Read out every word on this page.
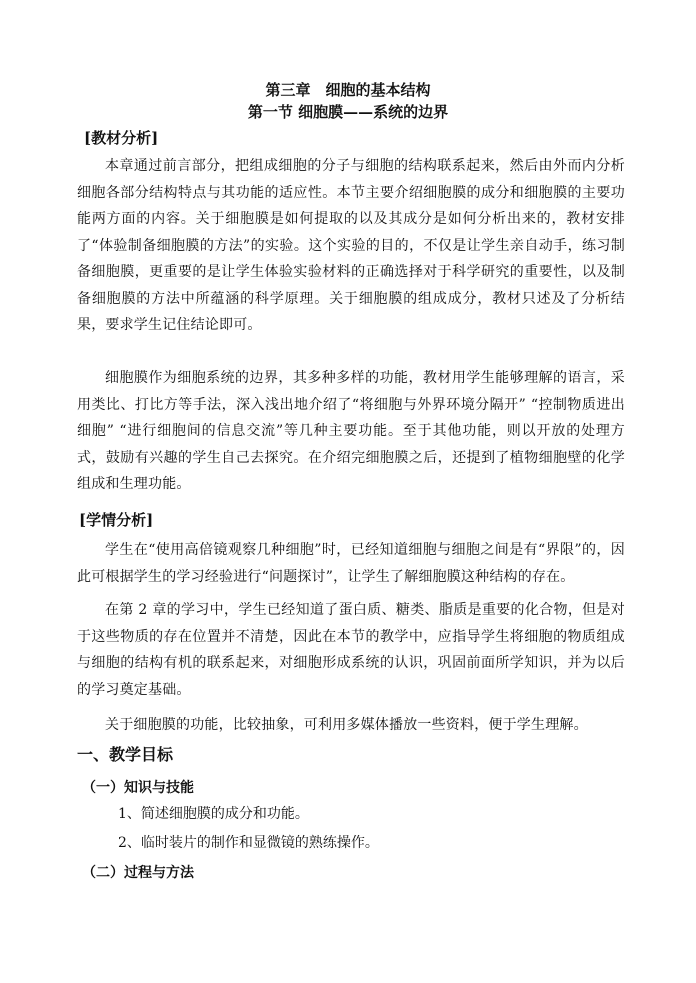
第三章　细胞的基本结构
第一节 细胞膜——系统的边界
[教材分析]
本章通过前言部分，把组成细胞的分子与细胞的结构联系起来，然后由外而内分析细胞各部分结构特点与其功能的适应性。本节主要介绍细胞膜的成分和细胞膜的主要功能两方面的内容。关于细胞膜是如何提取的以及其成分是如何分析出来的，教材安排了“体验制备细胞膜的方法”的实验。这个实验的目的，不仅是让学生亲自动手，练习制备细胞膜，更重要的是让学生体验实验材料的正确选择对于科学研究的重要性，以及制备细胞膜的方法中所蕴涵的科学原理。关于细胞膜的组成成分，教材只述及了分析结果，要求学生记住结论即可。
细胞膜作为细胞系统的边界，其多种多样的功能，教材用学生能够理解的语言，采用类比、打比方等手法，深入浅出地介绍了“将细胞与外界环境分隔开” “控制物质进出细胞” “进行细胞间的信息交流”等几种主要功能。至于其他功能，则以开放的处理方式，鼓励有兴趣的学生自己去探究。在介绍完细胞膜之后，还提到了植物细胞壁的化学组成和生理功能。
[学情分析]
学生在“使用高倍镜观察几种细胞”时，已经知道细胞与细胞之间是有“界限”的，因此可根据学生的学习经验进行“问题探讨”，让学生了解细胞膜这种结构的存在。
在第 2 章的学习中，学生已经知道了蛋白质、糖类、脂质是重要的化合物，但是对于这些物质的存在位置并不清楚，因此在本节的教学中，应指导学生将细胞的物质组成与细胞的结构有机的联系起来，对细胞形成系统的认识，巩固前面所学知识，并为以后的学习奠定基础。
关于细胞膜的功能，比较抽象，可利用多媒体播放一些资料，便于学生理解。
一、教学目标
（一）知识与技能
1、简述细胞膜的成分和功能。
2、临时装片的制作和显微镜的熟练操作。
（二）过程与方法
